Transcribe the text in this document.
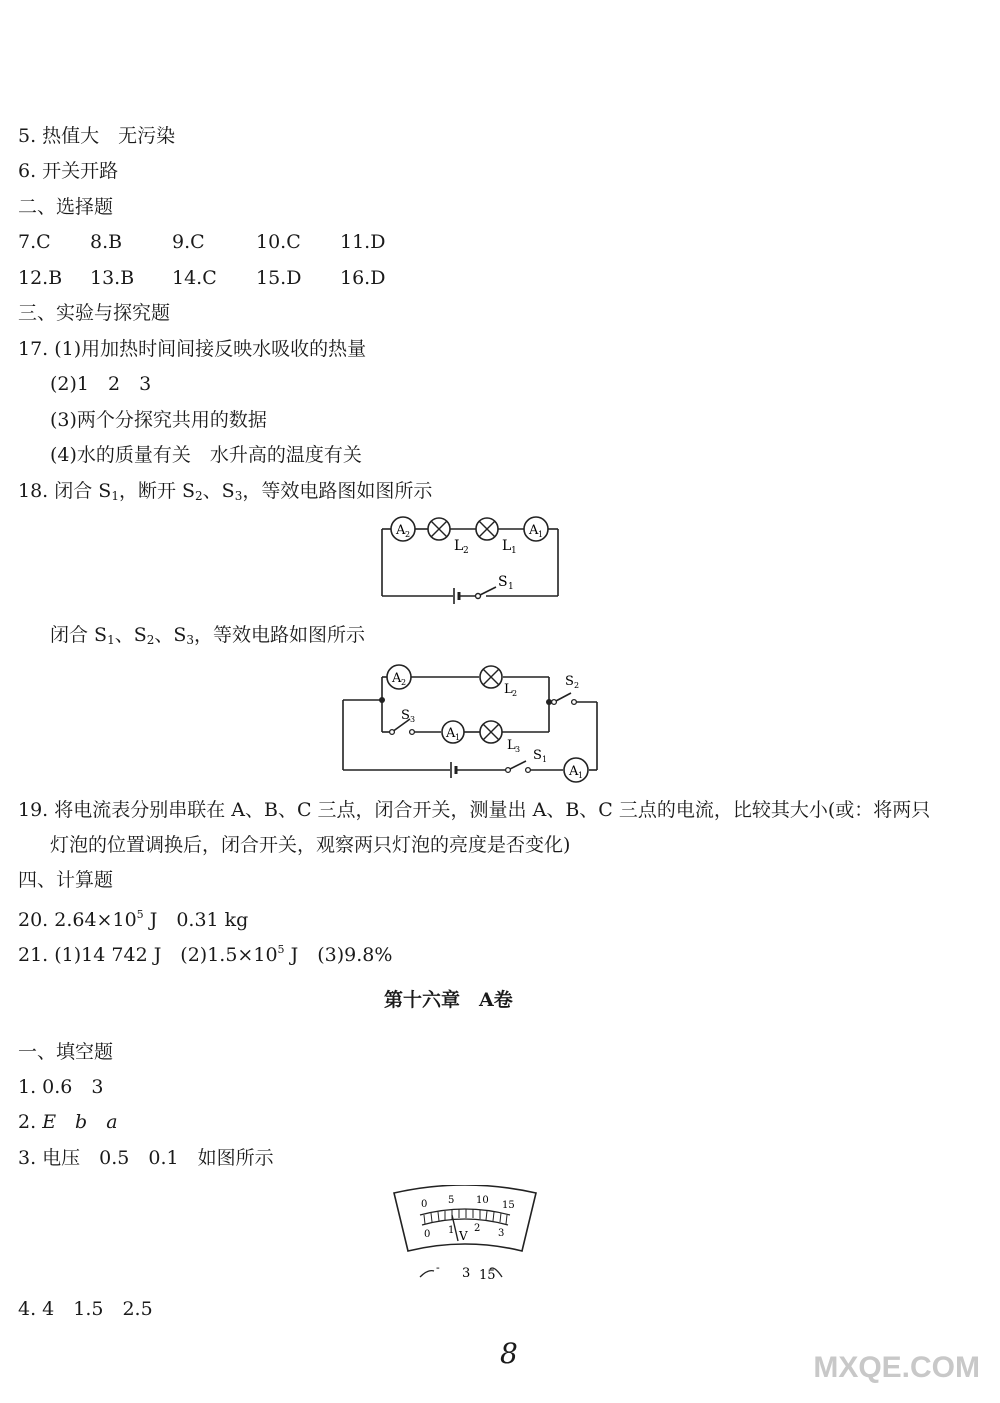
5. 热值大　无污染
6. 开关开路
二、选择题
7.C 8.B	9.C	10.C 11.D
12.B 13.B 14.C 15.D 16.D
三、实验与探究题
17. (1)用加热时间间接反映水吸收的热量
(2)1　2　3
(3)两个分探究共用的数据
(4)水的质量有关　水升高的温度有关
18. 闭合 $S_1$，断开 $S_2$、$S_3$，等效电路图如图所示
A 2	A 1
L 2 L 1
S 1
闭合 $S_1$、$S_2$、$S_3$，等效电路如图所示
A 2	L 2
S 2
S 3
A 1
L 3 S 1
A 1
19. 将电流表分别串联在 A、B、C 三点，闭合开关，测量出 A、B、C 三点的电流，比较其大小(或：将两只
灯泡的位置调换后，闭合开关，观察两只灯泡的亮度是否变化)
四、计算题
20. $2.64\times 10^5$ J　0.31 kg
21. (1)14 742 J　$(2)1.5\times 10^5$ J　(3)9.8%
第十六章　A卷
一、填空题
1. 0.6　3
2. E　b　a
3. 电压　0.5　0.1　如图所示
0 5 10 15
0 1 2 3
V
- 3 15
4. 4　1.5　2.5
8	MXQE.COM
